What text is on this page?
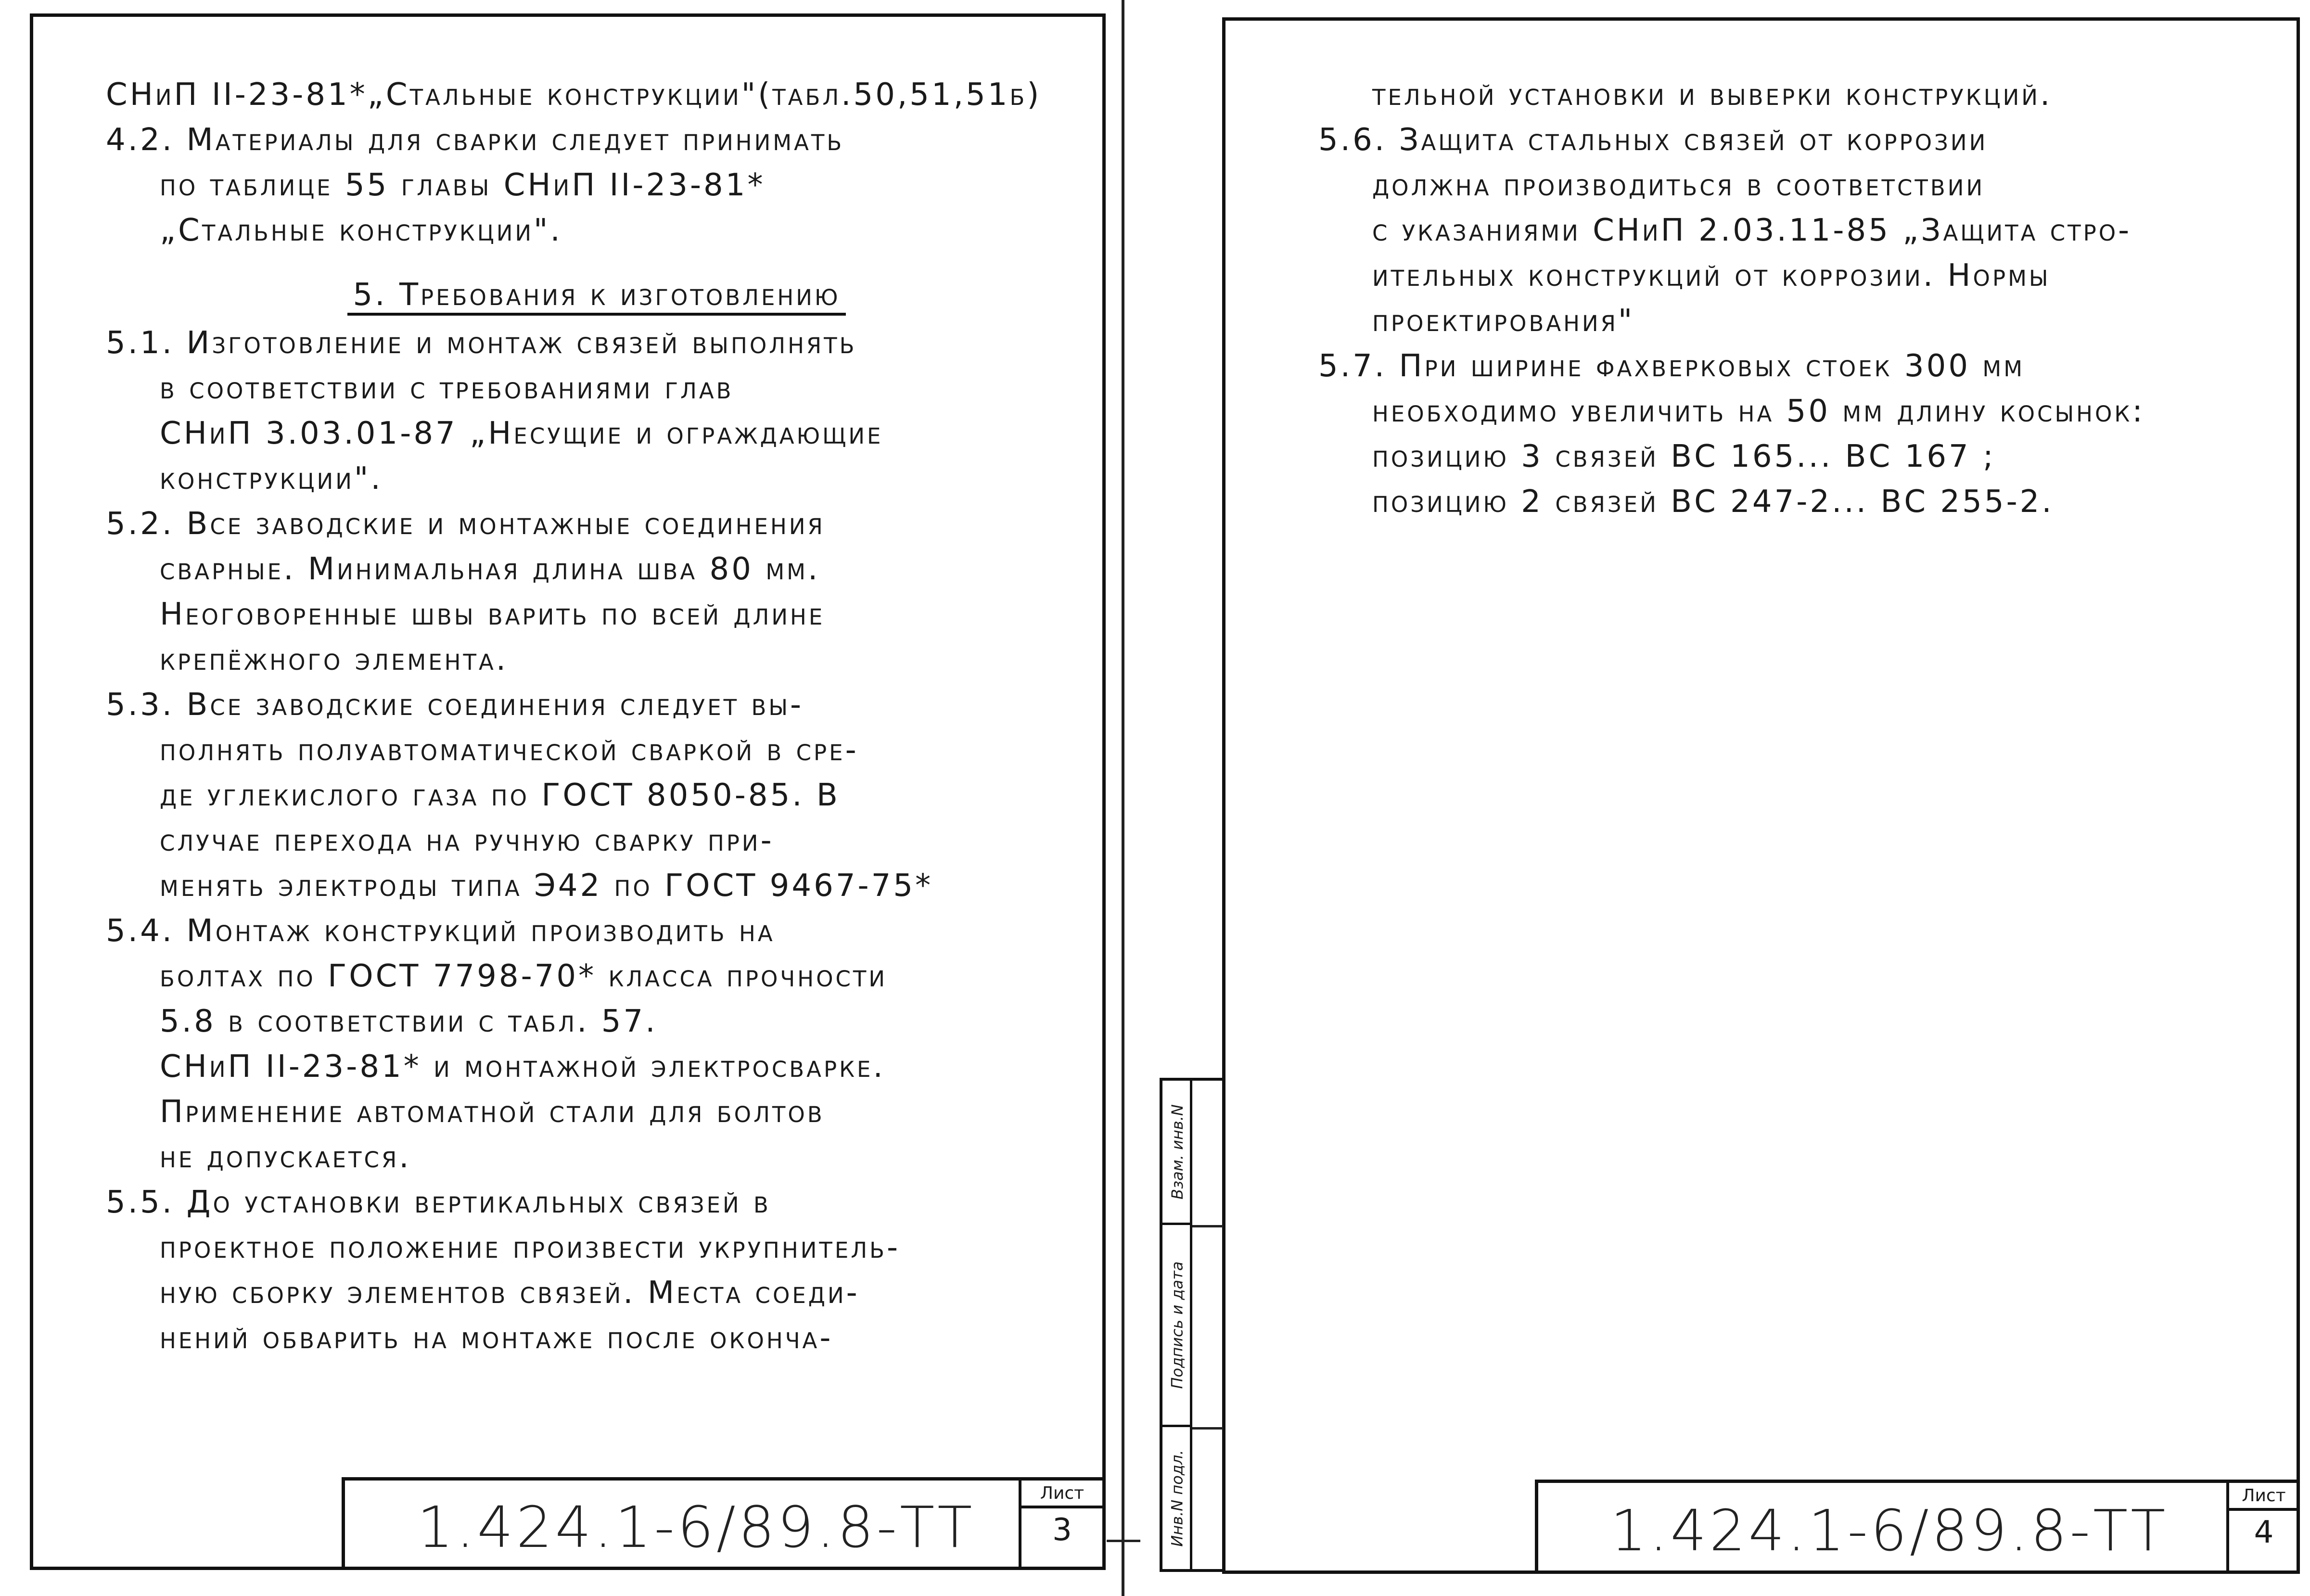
СНиП II-23-81*„Стальные конструкции"(табл.50,51,51б)
4.2. Материалы для сварки следует принимать
по таблице 55 главы СНиП II-23-81*
„Стальные конструкции".
5. Требования к изготовлению
5.1. Изготовление и монтаж связей выполнять
в соответствии с требованиями глав
СНиП 3.03.01-87 „Несущие и ограждающие
конструкции".
5.2. Все заводские и монтажные соединения
сварные. Минимальная длина шва 80 мм.
Неоговоренные швы варить по всей длине
крепёжного элемента.
5.3. Все заводские соединения следует вы-
полнять полуавтоматической сваркой в сре-
де углекислого газа по ГОСТ 8050-85. В
случае перехода на ручную сварку при-
менять электроды типа Э42 по ГОСТ 9467-75*
5.4. Монтаж конструкций производить на
болтах по ГОСТ 7798-70* класса прочности
5.8 в соответствии с табл. 57.
СНиП II-23-81* и монтажной электросварке.
Применение автоматной стали для болтов
не допускается.
5.5. До установки вертикальных связей в
проектное положение произвести укрупнитель-
ную сборку элементов связей. Места соеди-
нений обварить на монтаже после оконча-
1.424.1-6/89.8-ТТ
Лист
3
тельной установки и выверки конструкций.
5.6. Защита стальных связей от коррозии
должна производиться в соответствии
с указаниями СНиП 2.03.11-85 „Защита стро-
ительных конструкций от коррозии. Нормы
проектирования"
5.7. При ширине фахверковых стоек 300 мм
необходимо увеличить на 50 мм длину косынок:
позицию 3 связей ВС 165... ВС 167 ;
позицию 2 связей ВС 247-2... ВС 255-2.
1.424.1-6/89.8-ТТ
Лист
4
Взам. инв.N
Подпись и дата
Инв.N подл.
